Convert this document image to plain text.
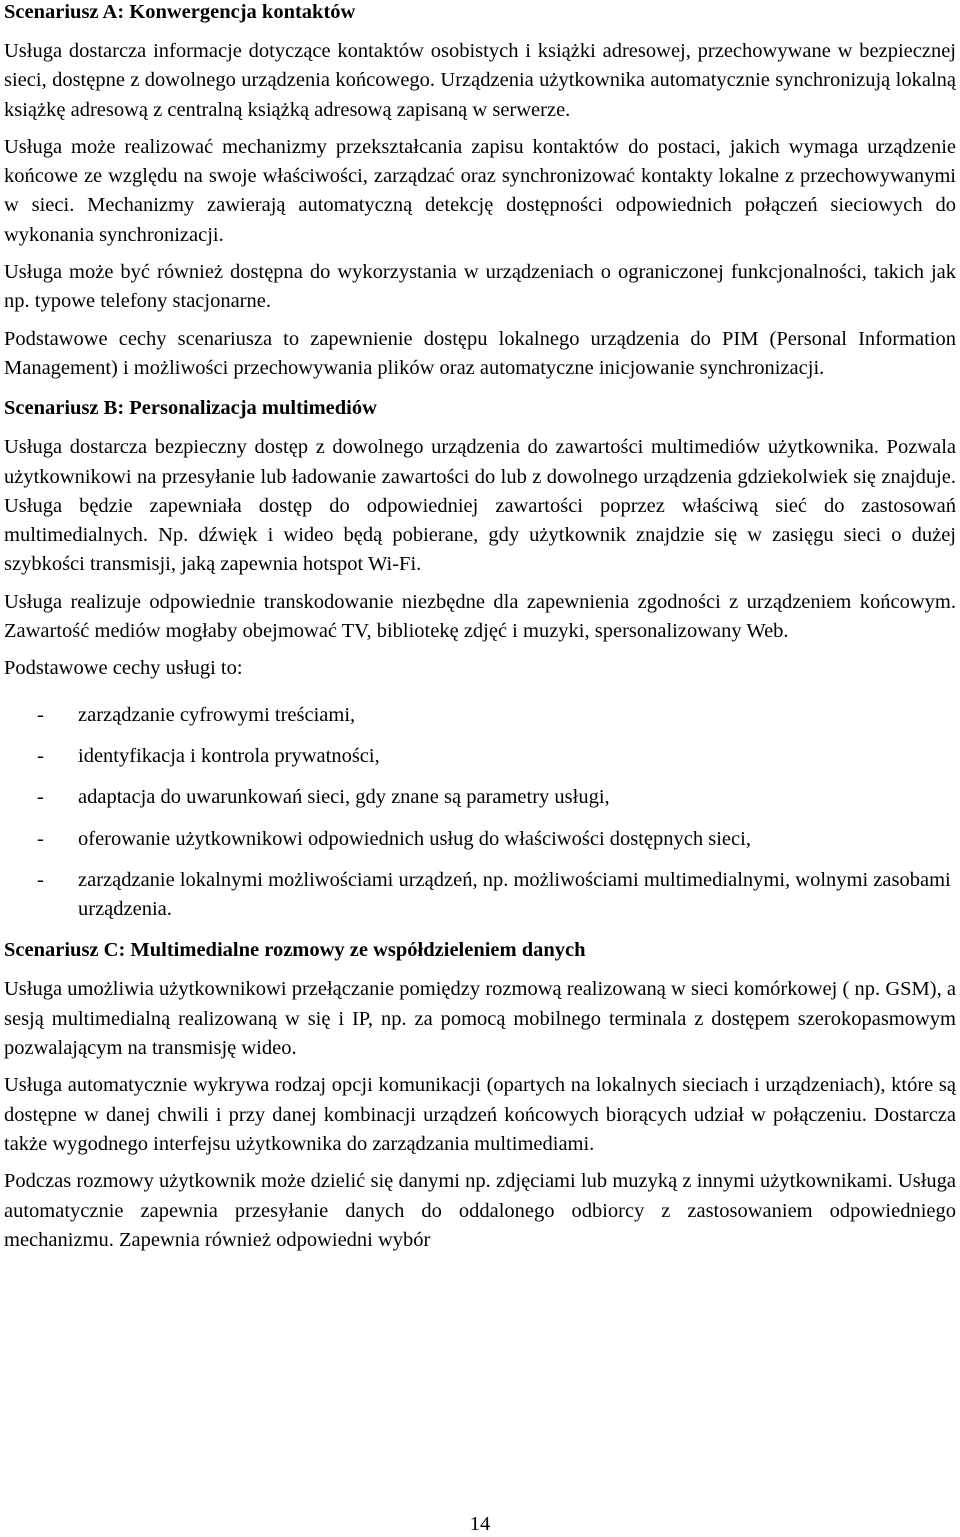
Scenariusz A: Konwergencja kontaktów
Usługa dostarcza informacje dotyczące kontaktów osobistych i książki adresowej, przechowywane w bezpiecznej sieci, dostępne z dowolnego urządzenia końcowego. Urządzenia użytkownika automatycznie synchronizują lokalną książkę adresową z centralną książką adresową zapisaną w serwerze.
Usługa może realizować mechanizmy przekształcania zapisu kontaktów do postaci, jakich wymaga urządzenie końcowe ze względu na swoje właściwości, zarządzać oraz synchronizować kontakty lokalne z przechowywanymi w sieci. Mechanizmy zawierają automatyczną detekcję dostępności odpowiednich połączeń sieciowych do wykonania synchronizacji.
Usługa może być również dostępna do wykorzystania w urządzeniach o ograniczonej funkcjonalności, takich jak np. typowe telefony stacjonarne.
Podstawowe cechy scenariusza to zapewnienie dostępu lokalnego urządzenia do PIM (Personal Information Management) i możliwości przechowywania plików oraz automatyczne inicjowanie synchronizacji.
Scenariusz B: Personalizacja multimediów
Usługa dostarcza bezpieczny dostęp z dowolnego urządzenia do zawartości multimediów użytkownika. Pozwala użytkownikowi na przesyłanie lub ładowanie zawartości do lub z dowolnego urządzenia gdziekolwiek się znajduje. Usługa będzie zapewniała dostęp do odpowiedniej zawartości poprzez właściwą sieć do zastosowań multimedialnych. Np. dźwięk i wideo będą pobierane, gdy użytkownik znajdzie się w zasięgu sieci o dużej szybkości transmisji, jaką zapewnia hotspot Wi-Fi.
Usługa realizuje odpowiednie transkodowanie niezbędne dla zapewnienia zgodności z urządzeniem końcowym. Zawartość mediów mogłaby obejmować TV, bibliotekę zdjęć i muzyki, spersonalizowany Web.
Podstawowe cechy usługi to:
- zarządzanie cyfrowymi treściami,
- identyfikacja i kontrola prywatności,
- adaptacja do uwarunkowań sieci, gdy znane są parametry usługi,
- oferowanie użytkownikowi odpowiednich usług do właściwości dostępnych sieci,
- zarządzanie lokalnymi możliwościami urządzeń, np. możliwościami multimedialnymi, wolnymi zasobami urządzenia.
Scenariusz C: Multimedialne rozmowy ze współdzieleniem danych
Usługa umożliwia użytkownikowi przełączanie pomiędzy rozmową realizowaną w sieci komórkowej ( np. GSM), a sesją multimedialną realizowaną w się i IP, np. za pomocą mobilnego terminala z dostępem szerokopasmowym pozwalającym na transmisję wideo.
Usługa automatycznie wykrywa rodzaj opcji komunikacji (opartych na lokalnych sieciach i urządzeniach), które są dostępne w danej chwili i przy danej kombinacji urządzeń końcowych biorących udział w połączeniu. Dostarcza także wygodnego interfejsu użytkownika do zarządzania multimediami.
Podczas rozmowy użytkownik może dzielić się danymi np. zdjęciami lub muzyką z innymi użytkownikami. Usługa automatycznie zapewnia przesyłanie danych do oddalonego odbiorcy z zastosowaniem odpowiedniego mechanizmu. Zapewnia również odpowiedni wybór
14
